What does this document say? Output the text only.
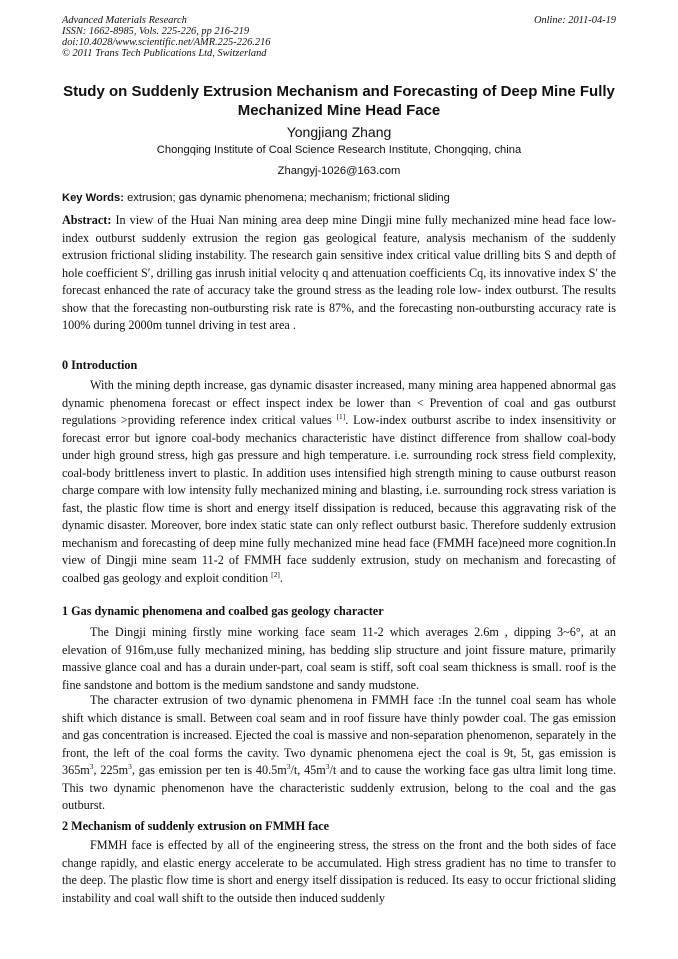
Advanced Materials Research
ISSN: 1662-8985, Vols. 225-226, pp 216-219
doi:10.4028/www.scientific.net/AMR.225-226.216
© 2011 Trans Tech Publications Ltd, Switzerland
Online: 2011-04-19
Study on Suddenly Extrusion Mechanism and Forecasting of Deep Mine Fully Mechanized Mine Head Face
Yongjiang Zhang
Chongqing Institute of Coal Science Research Institute, Chongqing, china
Zhangyj-1026@163.com
Key Words: extrusion; gas dynamic phenomena; mechanism; frictional sliding
Abstract: In view of the Huai Nan mining area deep mine Dingji mine fully mechanized mine head face low-index outburst suddenly extrusion the region gas geological feature, analysis mechanism of the suddenly extrusion frictional sliding instability. The research gain sensitive index critical value drilling bits S and depth of hole coefficient S′, drilling gas inrush initial velocity q and attenuation coefficients Cq, its innovative index S′ the forecast enhanced the rate of accuracy take the ground stress as the leading role low- index outburst. The results show that the forecasting non-outbursting risk rate is 87%, and the forecasting non-outbursting accuracy rate is 100% during 2000m tunnel driving in test area .
0 Introduction
With the mining depth increase, gas dynamic disaster increased, many mining area happened abnormal gas dynamic phenomena forecast or effect inspect index be lower than < Prevention of coal and gas outburst regulations >providing reference index critical values [1]. Low-index outburst ascribe to index insensitivity or forecast error but ignore coal-body mechanics characteristic have distinct difference from shallow coal-body under high ground stress, high gas pressure and high temperature. i.e. surrounding rock stress field complexity, coal-body brittleness invert to plastic. In addition uses intensified high strength mining to cause outburst reason charge compare with low intensity fully mechanized mining and blasting, i.e. surrounding rock stress variation is fast, the plastic flow time is short and energy itself dissipation is reduced, because this aggravating risk of the dynamic disaster. Moreover, bore index static state can only reflect outburst basic. Therefore suddenly extrusion mechanism and forecasting of deep mine fully mechanized mine head face (FMMH face)need more cognition.In view of Dingji mine seam 11-2 of FMMH face suddenly extrusion, study on mechanism and forecasting of coalbed gas geology and exploit condition [2].
1 Gas dynamic phenomena and coalbed gas geology character
The Dingji mining firstly mine working face seam 11-2 which averages 2.6m , dipping 3~6°, at an elevation of 916m,use fully mechanized mining, has bedding slip structure and joint fissure mature, primarily massive glance coal and has a durain under-part, coal seam is stiff, soft coal seam thickness is small. roof is the fine sandstone and bottom is the medium sandstone and sandy mudstone.
The character extrusion of two dynamic phenomena in FMMH face :In the tunnel coal seam has whole shift which distance is small. Between coal seam and in roof fissure have thinly powder coal. The gas emission and gas concentration is increased. Ejected the coal is massive and non-separation phenomenon, separately in the front, the left of the coal forms the cavity. Two dynamic phenomena eject the coal is 9t, 5t, gas emission is $365m^3$, $225m^3$, gas emission per ten is $40.5m^3/t$, $45m^3/t$ and to cause the working face gas ultra limit long time. This two dynamic phenomenon have the characteristic suddenly extrusion, belong to the coal and the gas outburst.
2 Mechanism of suddenly extrusion on FMMH face
FMMH face is effected by all of the engineering stress, the stress on the front and the both sides of face change rapidly, and elastic energy accelerate to be accumulated. High stress gradient has no time to transfer to the deep. The plastic flow time is short and energy itself dissipation is reduced. Its easy to occur frictional sliding instability and coal wall shift to the outside then induced suddenly
